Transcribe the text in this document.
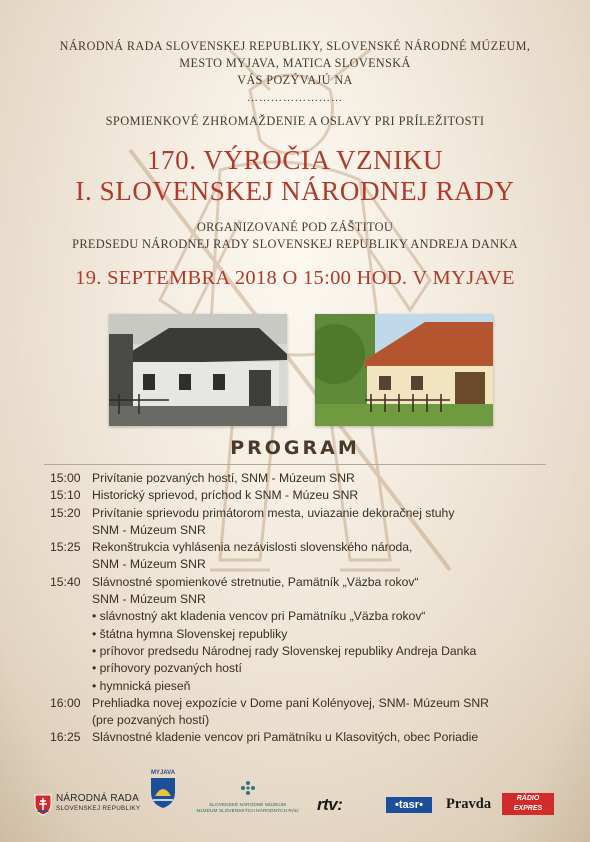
NÁRODNÁ RADA SLOVENSKEJ REPUBLIKY, SLOVENSKÉ NÁRODNÉ MÚZEUM,
MESTO MYJAVA, MATICA SLOVENSKÁ
VÁS POZÝVAJÚ NA
……………………
SPOMIENKOVÉ ZHROMAŽDENIE A OSLAVY PRI PRÍLEŽITOSTI
170. VÝROČIA VZNIKU
I. SLOVENSKEJ NÁRODNEJ RADY
ORGANIZOVANÉ POD ZÁŠTITOU
PREDSEDU NÁRODNEJ RADY SLOVENSKEJ REPUBLIKY ANDREJA DANKA
19. SEPTEMBRA 2018 O 15:00 HOD. V MYJAVE
PROGRAM
15:00 Privítanie pozvaných hostí, SNM - Múzeum SNR
15:10 Historický sprievod, príchod k SNM - Múzeu SNR
15:20 Privítanie sprievodu primátorom mesta, uviazanie dekoračnej stuhy
SNM - Múzeum SNR
15:25 Rekonštrukcia vyhlásenia nezávislosti slovenského národa,
SNM - Múzeum SNR
15:40 Slávnostné spomienkové stretnutie, Pamätník „Väzba rokov“
SNM - Múzeum SNR
• slávnostný akt kladenia vencov pri Pamätníku „Väzba rokov“
• štátna hymna Slovenskej republiky
• príhovor predsedu Národnej rady Slovenskej republiky Andreja Danka
• príhovory pozvaných hostí
• hymnická pieseň
16:00 Prehliadka novej expozície v Dome pani Kolényovej, SNM- Múzeum SNR
(pre pozvaných hostí)
16:25 Slávnostné kladenie vencov pri Pamätníku u Klasovitých, obec Poriadie
NÁRODNÁ RADA
SLOVENSKEJ REPUBLIKY
MYJAVA
SLOVENSKÉ NÁRODNÉ MÚZEUM
MÚZEUM SLOVENSKÝCH NÁRODNÝCH RÁD	rtv:	•tasr•	Pravda	RÁDIO
EXPRES
